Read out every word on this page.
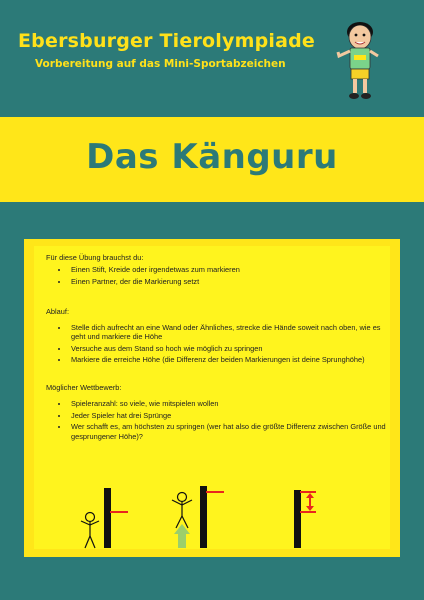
Ebersburger Tierolympiade
Vorbereitung auf das Mini-Sportabzeichen
Das Känguru

Für diese Übung brauchst du:

• Einen Stift, Kreide oder irgendetwas zum markieren
• Einen Partner, der die Markierung setzt

Ablauf:

• Stelle dich aufrecht an eine Wand oder Ähnliches, strecke die Hände soweit nach oben, wie es geht und markiere die Höhe
• Versuche aus dem Stand so hoch wie möglich zu springen
• Markiere die erreiche Höhe (die Differenz der beiden Markierungen ist deine Sprunghöhe)

Möglicher Wettbewerb:

• Spieleranzahl: so viele, wie mitspielen wollen
• Jeder Spieler hat drei Sprünge
• Wer schafft es, am höchsten zu springen (wer hat also die größte Differenz zwischen Größe und gesprungener Höhe)?
